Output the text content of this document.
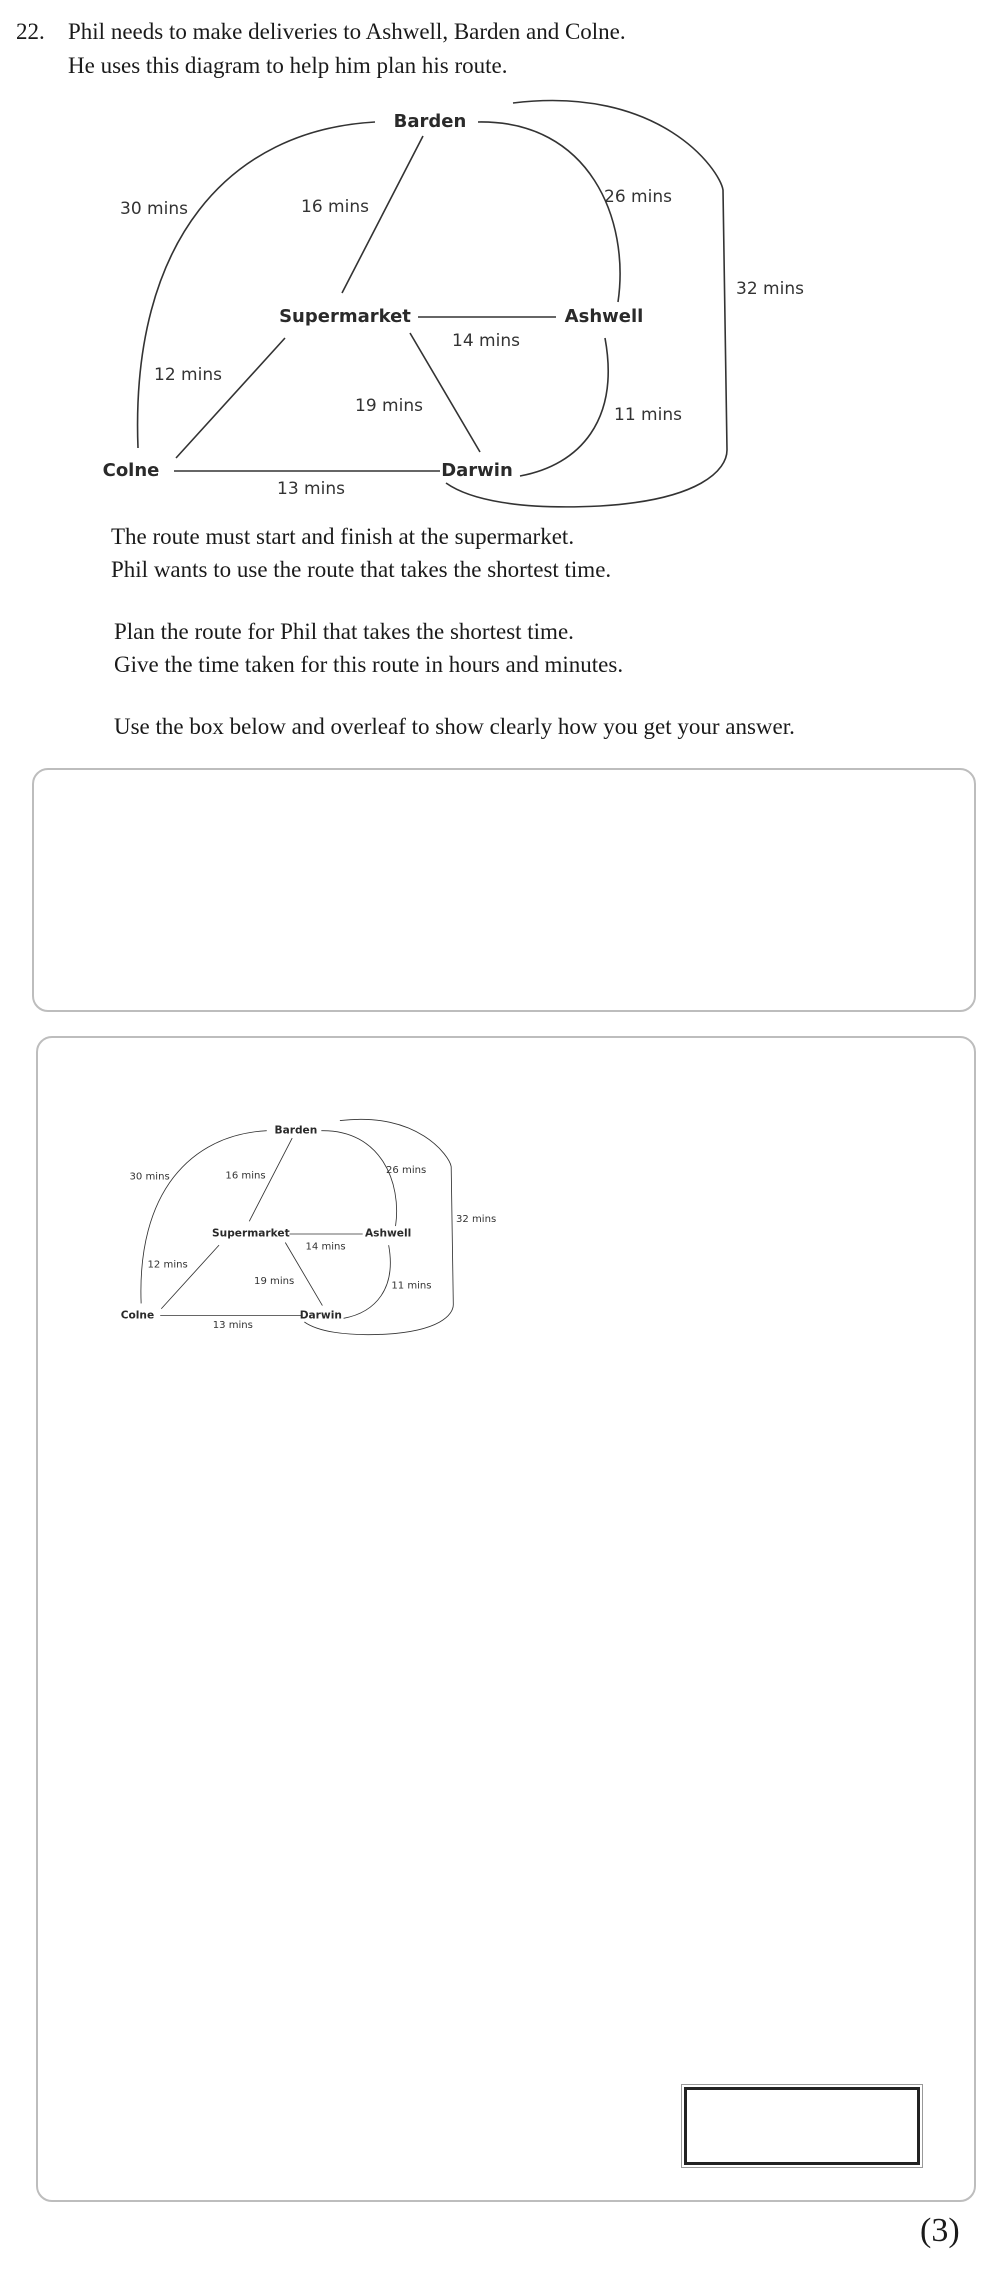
22. Phil needs to make deliveries to Ashwell, Barden and Colne.
He uses this diagram to help him plan his route.
Barden
Supermarket	Ashwell
Colne	Darwin
30 mins	16 mins	26 mins
32 mins
14 mins
12 mins
19 mins	11 mins
13 mins
The route must start and finish at the supermarket.
Phil wants to use the route that takes the shortest time.
Plan the route for Phil that takes the shortest time.
Give the time taken for this route in hours and minutes.
Use the box below and overleaf to show clearly how you get your answer.
Barden
Supermarket	Ashwell
Colne	Darwin
30 mins	16 mins	26 mins
32 mins
14 mins
12 mins
19 mins	11 mins
13 mins
(3)
